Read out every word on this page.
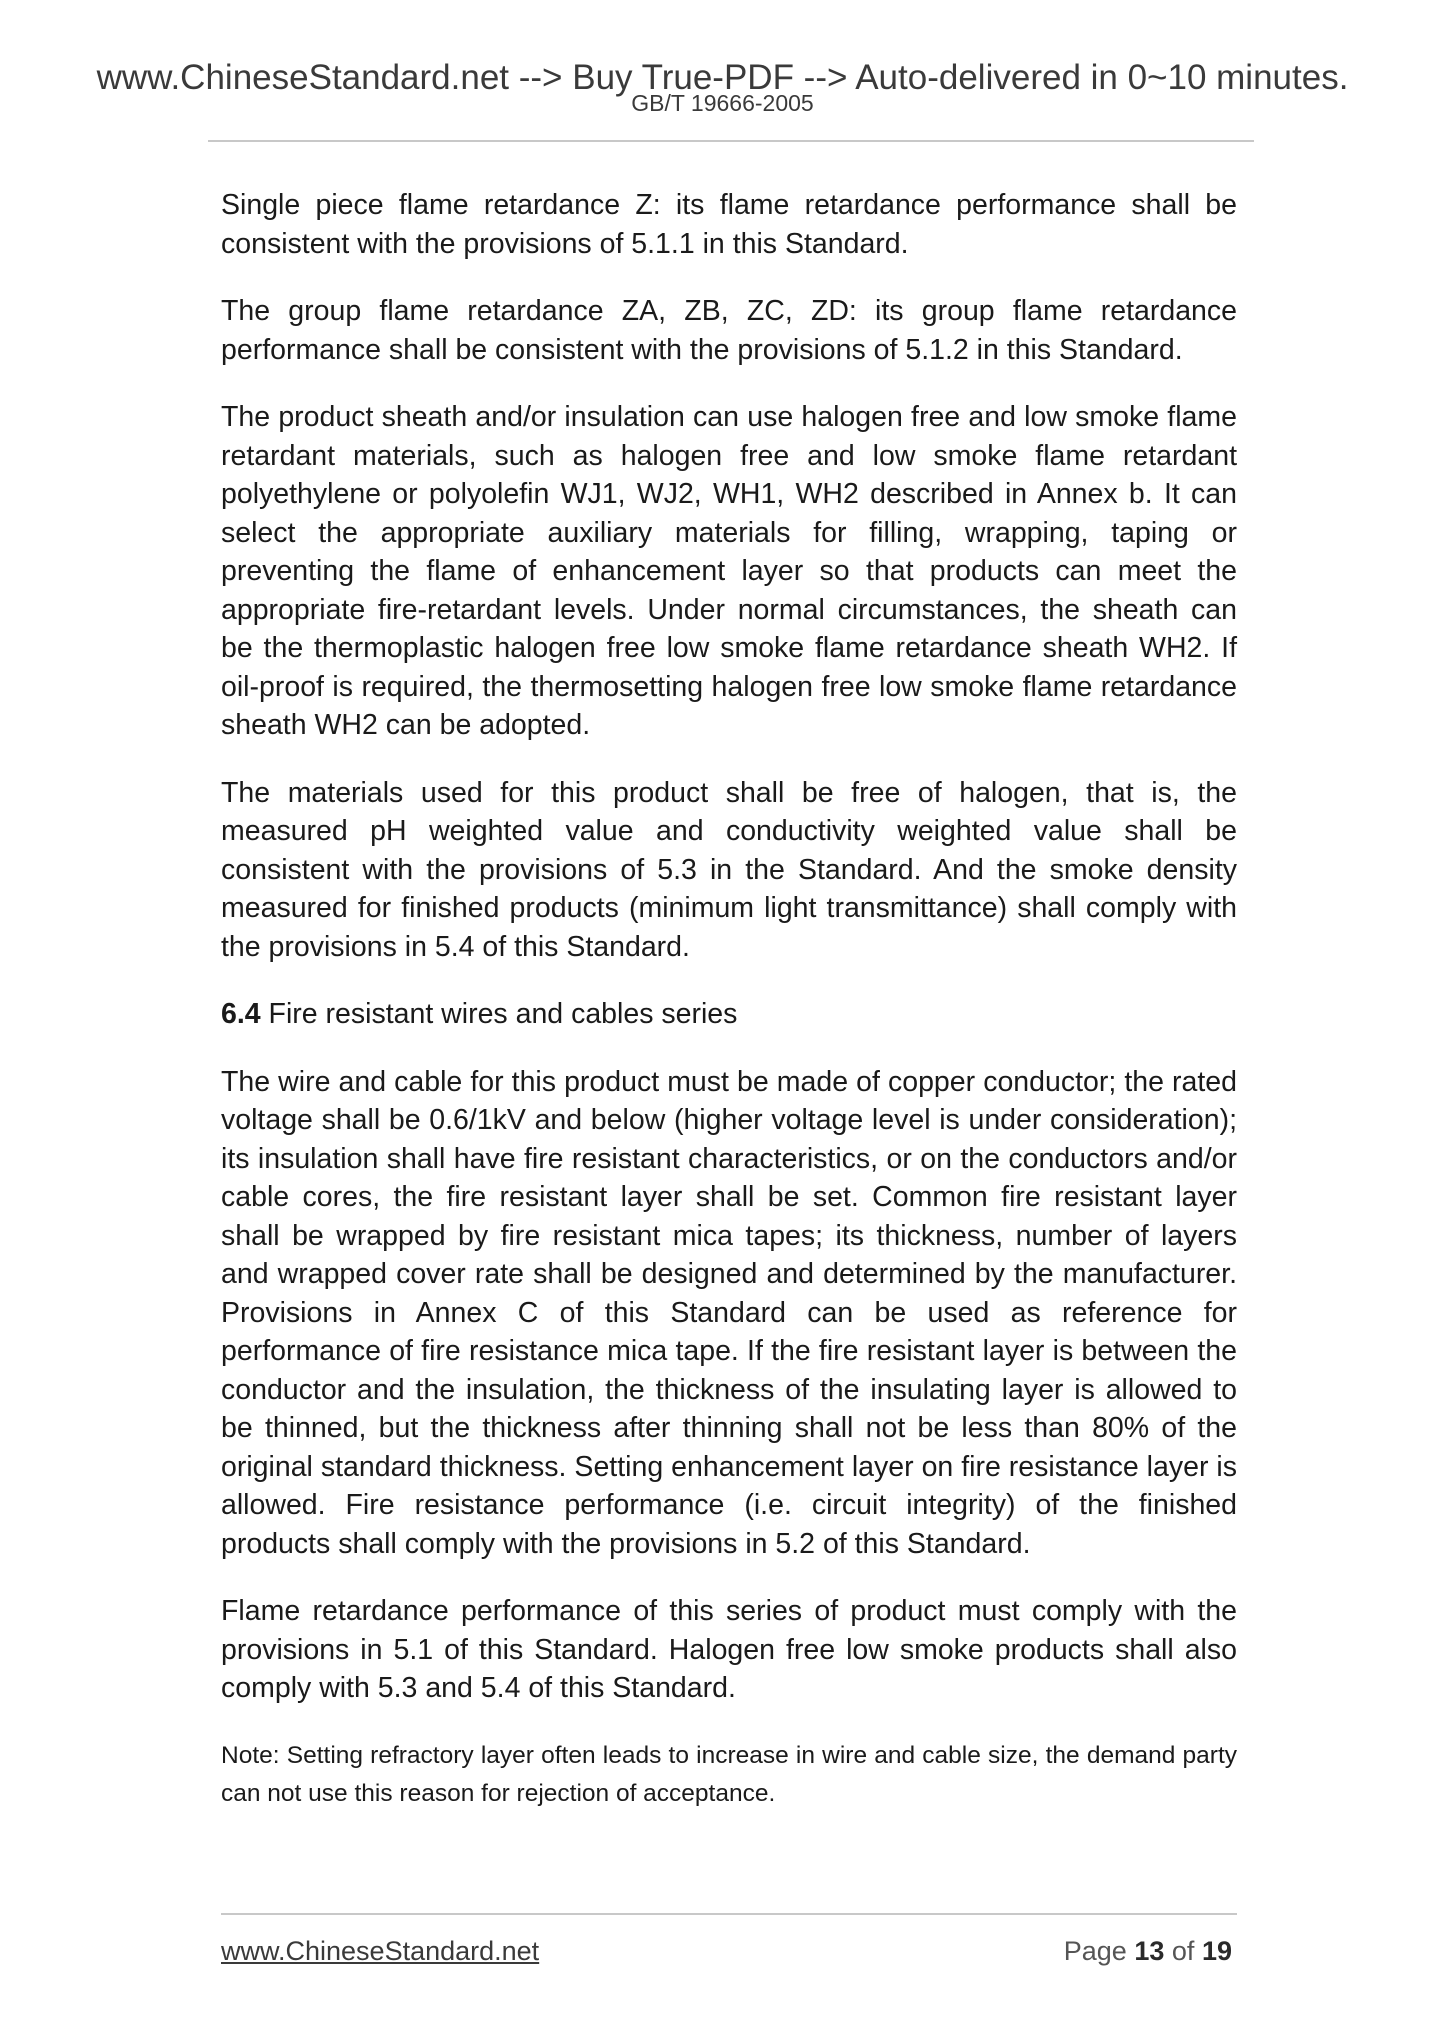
www.ChineseStandard.net --> Buy True-PDF --> Auto-delivered in 0~10 minutes.
GB/T 19666-2005

Single piece flame retardance Z: its flame retardance performance shall be consistent with the provisions of 5.1.1 in this Standard.

The group flame retardance ZA, ZB, ZC, ZD: its group flame retardance performance shall be consistent with the provisions of 5.1.2 in this Standard.

The product sheath and/or insulation can use halogen free and low smoke flame retardant materials, such as halogen free and low smoke flame retardant polyethylene or polyolefin WJ1, WJ2, WH1, WH2 described in Annex b. It can select the appropriate auxiliary materials for filling, wrapping, taping or preventing the flame of enhancement layer so that products can meet the appropriate fire-retardant levels. Under normal circumstances, the sheath can be the thermoplastic halogen free low smoke flame retardance sheath WH2. If oil-proof is required, the thermosetting halogen free low smoke flame retardance sheath WH2 can be adopted.

The materials used for this product shall be free of halogen, that is, the measured pH weighted value and conductivity weighted value shall be consistent with the provisions of 5.3 in the Standard. And the smoke density measured for finished products (minimum light transmittance) shall comply with the provisions in 5.4 of this Standard.

6.4 Fire resistant wires and cables series

The wire and cable for this product must be made of copper conductor; the rated voltage shall be 0.6/1kV and below (higher voltage level is under consideration); its insulation shall have fire resistant characteristics, or on the conductors and/or cable cores, the fire resistant layer shall be set. Common fire resistant layer shall be wrapped by fire resistant mica tapes; its thickness, number of layers and wrapped cover rate shall be designed and determined by the manufacturer. Provisions in Annex C of this Standard can be used as reference for performance of fire resistance mica tape. If the fire resistant layer is between the conductor and the insulation, the thickness of the insulating layer is allowed to be thinned, but the thickness after thinning shall not be less than 80% of the original standard thickness. Setting enhancement layer on fire resistance layer is allowed. Fire resistance performance (i.e. circuit integrity) of the finished products shall comply with the provisions in 5.2 of this Standard.

Flame retardance performance of this series of product must comply with the provisions in 5.1 of this Standard. Halogen free low smoke products shall also comply with 5.3 and 5.4 of this Standard.

Note: Setting refractory layer often leads to increase in wire and cable size, the demand party can not use this reason for rejection of acceptance.

www.ChineseStandard.net	Page 13 of 19
